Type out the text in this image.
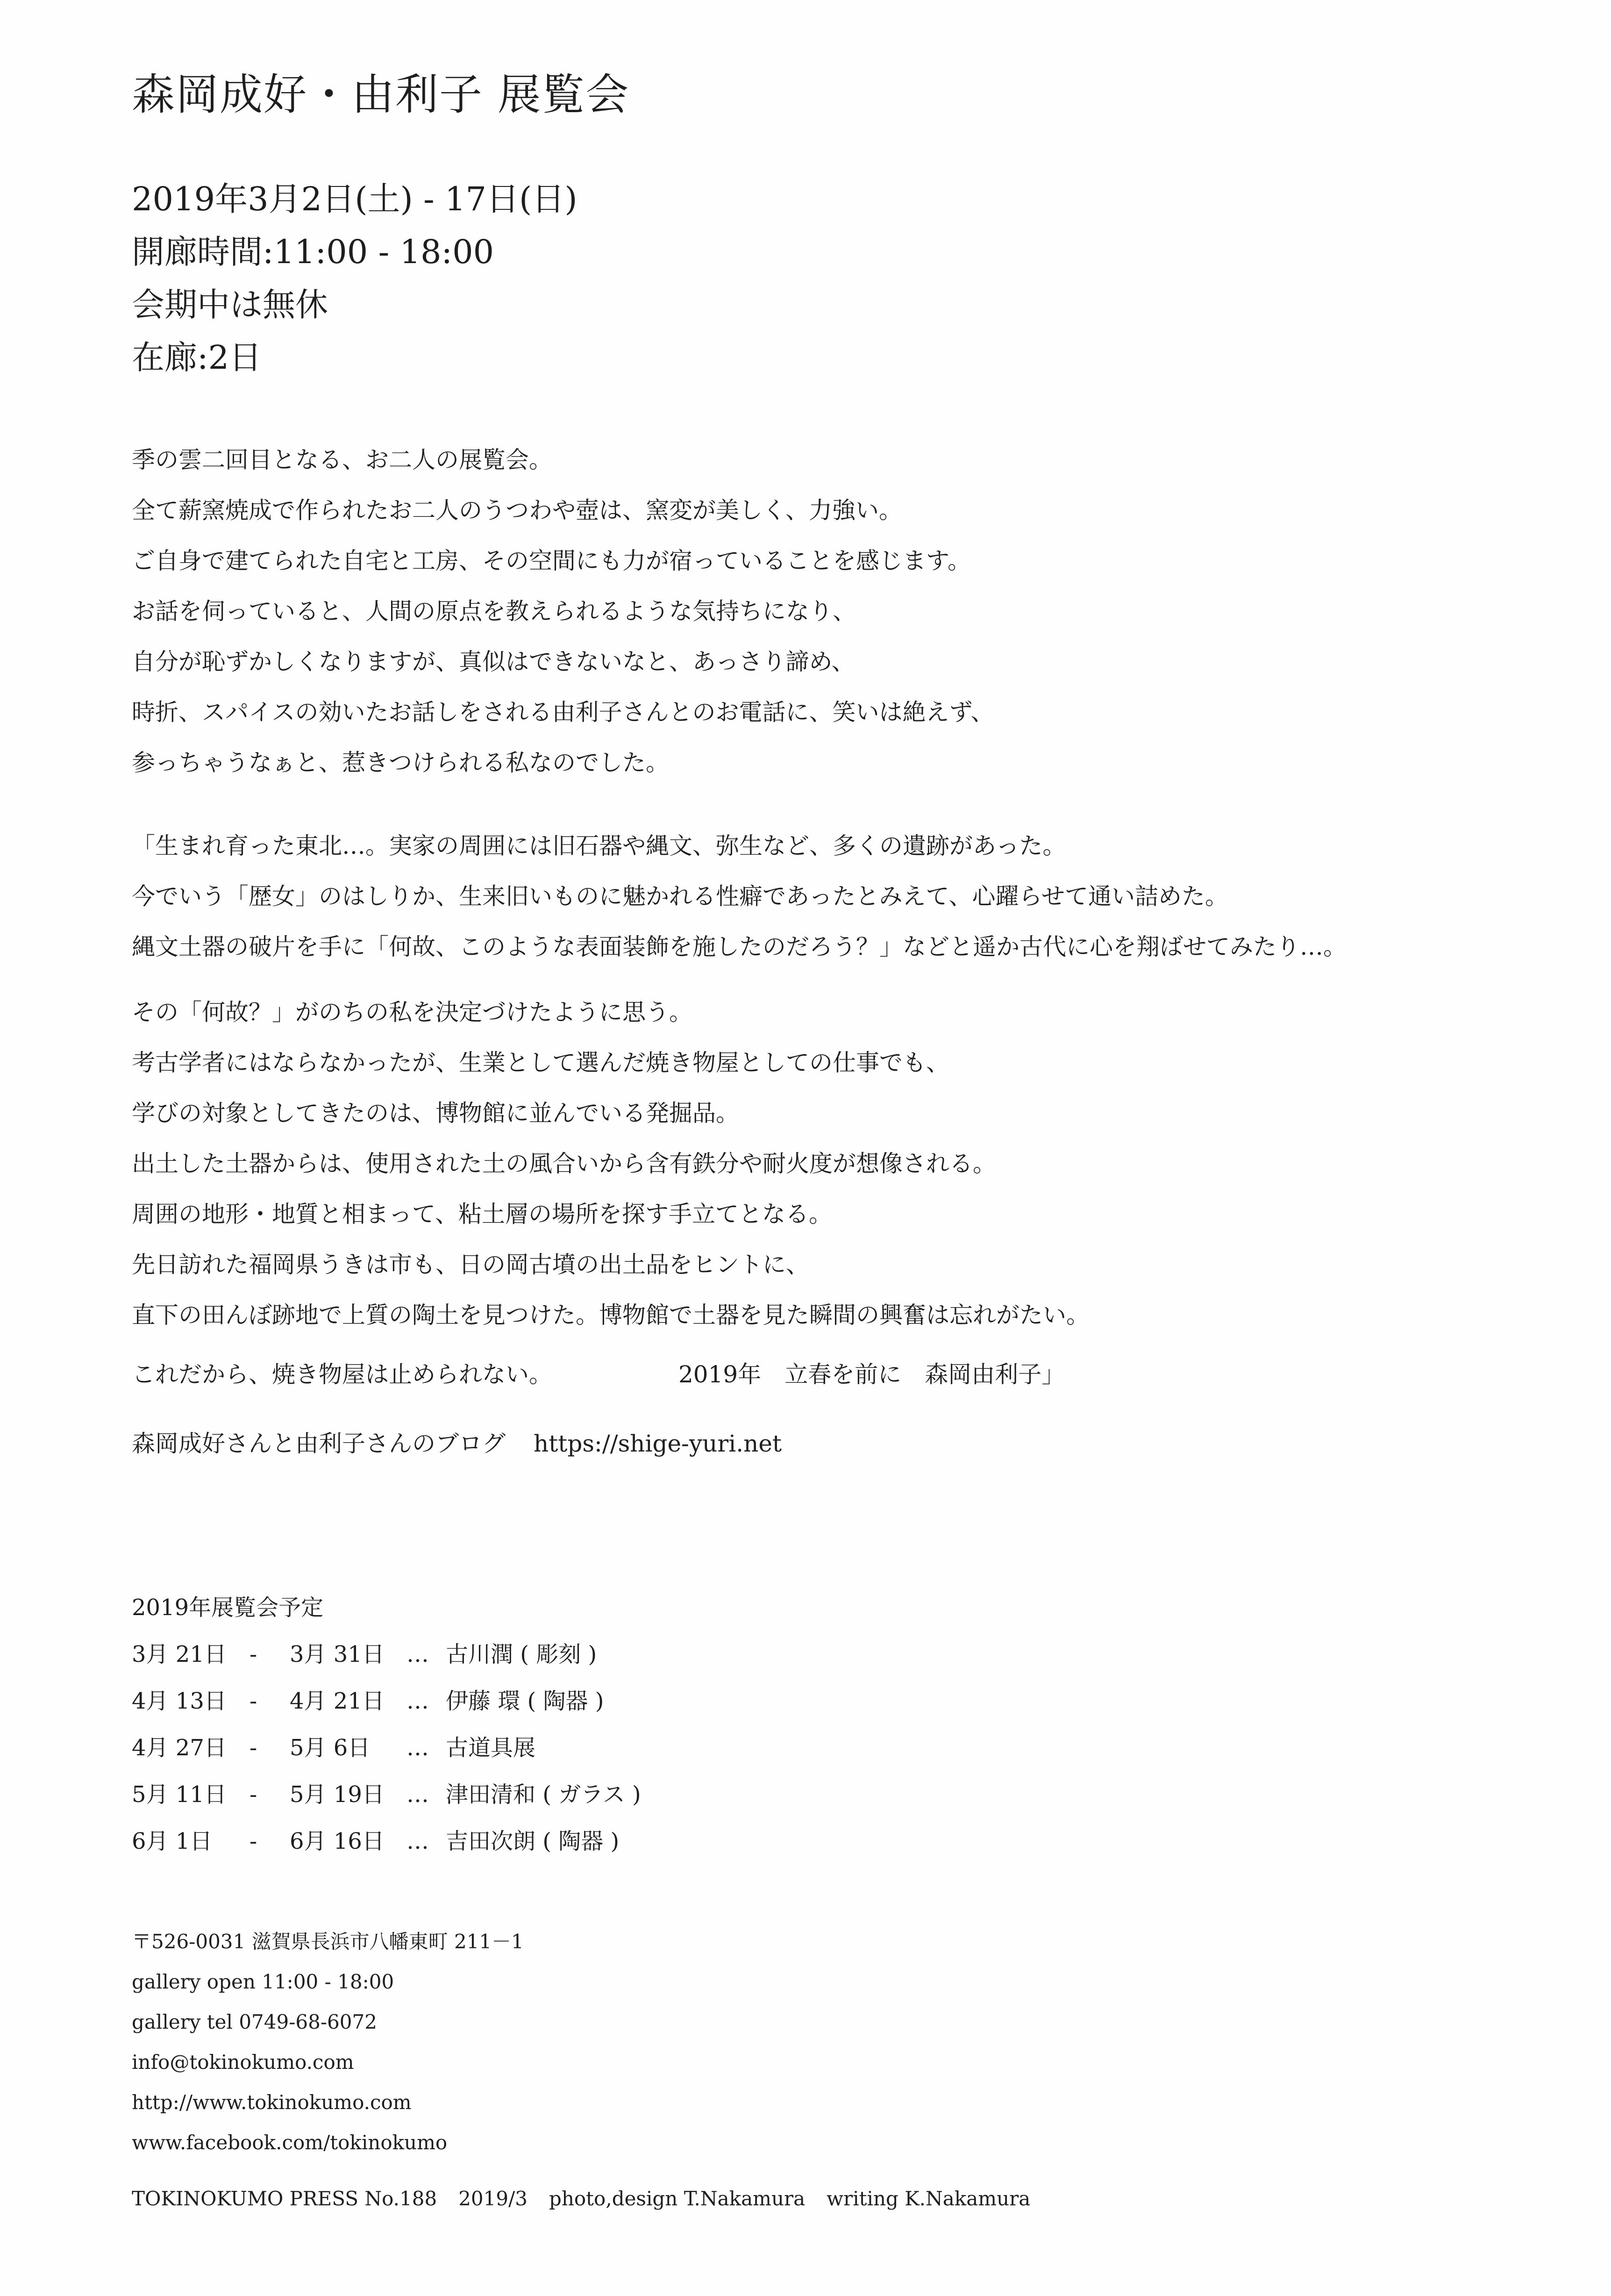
森岡成好・由利子 展覧会
2019年3月2日(土) - 17日(日)
開廊時間:11:00 - 18:00
会期中は無休
在廊:2日
季の雲二回目となる、お二人の展覧会。
全て薪窯焼成で作られたお二人のうつわや壺は、窯変が美しく、力強い。
ご自身で建てられた自宅と工房、その空間にも力が宿っていることを感じます。
お話を伺っていると、人間の原点を教えられるような気持ちになり、
自分が恥ずかしくなりますが、真似はできないなと、あっさり諦め、
時折、スパイスの効いたお話しをされる由利子さんとのお電話に、笑いは絶えず、
参っちゃうなぁと、惹きつけられる私なのでした。
「生まれ育った東北…。実家の周囲には旧石器や縄文、弥生など、多くの遺跡があった。
今でいう「歴女」のはしりか、生来旧いものに魅かれる性癖であったとみえて、心躍らせて通い詰めた。
縄文土器の破片を手に「何故、このような表面装飾を施したのだろう？」などと遥か古代に心を翔ばせてみたり…。
その「何故？」がのちの私を決定づけたように思う。
考古学者にはならなかったが、生業として選んだ焼き物屋としての仕事でも、
学びの対象としてきたのは、博物館に並んでいる発掘品。
出土した土器からは、使用された土の風合いから含有鉄分や耐火度が想像される。
周囲の地形・地質と相まって、粘土層の場所を探す手立てとなる。
先日訪れた福岡県うきは市も、日の岡古墳の出土品をヒントに、
直下の田んぼ跡地で上質の陶土を見つけた。博物館で土器を見た瞬間の興奮は忘れがたい。
これだから、焼き物屋は止められない。	2019年　立春を前に　森岡由利子」
森岡成好さんと由利子さんのブログ https://shige-yuri.net
2019年展覧会予定
3月 21日 - 3月 31日 … 古川潤 ( 彫刻 )
4月 13日 - 4月 21日 … 伊藤 環 ( 陶器 )
4月 27日 - 5月 6日 … 古道具展
5月 11日 - 5月 19日 … 津田清和 ( ガラス )
6月 1日 - 6月 16日 … 吉田次朗 ( 陶器 )
〒526-0031 滋賀県長浜市八幡東町 211－1
gallery open 11:00 - 18:00
gallery tel 0749-68-6072
info@tokinokumo.com
http://www.tokinokumo.com
www.facebook.com/tokinokumo
TOKINOKUMO PRESS No.188 2019/3 photo,design T.Nakamura writing K.Nakamura
